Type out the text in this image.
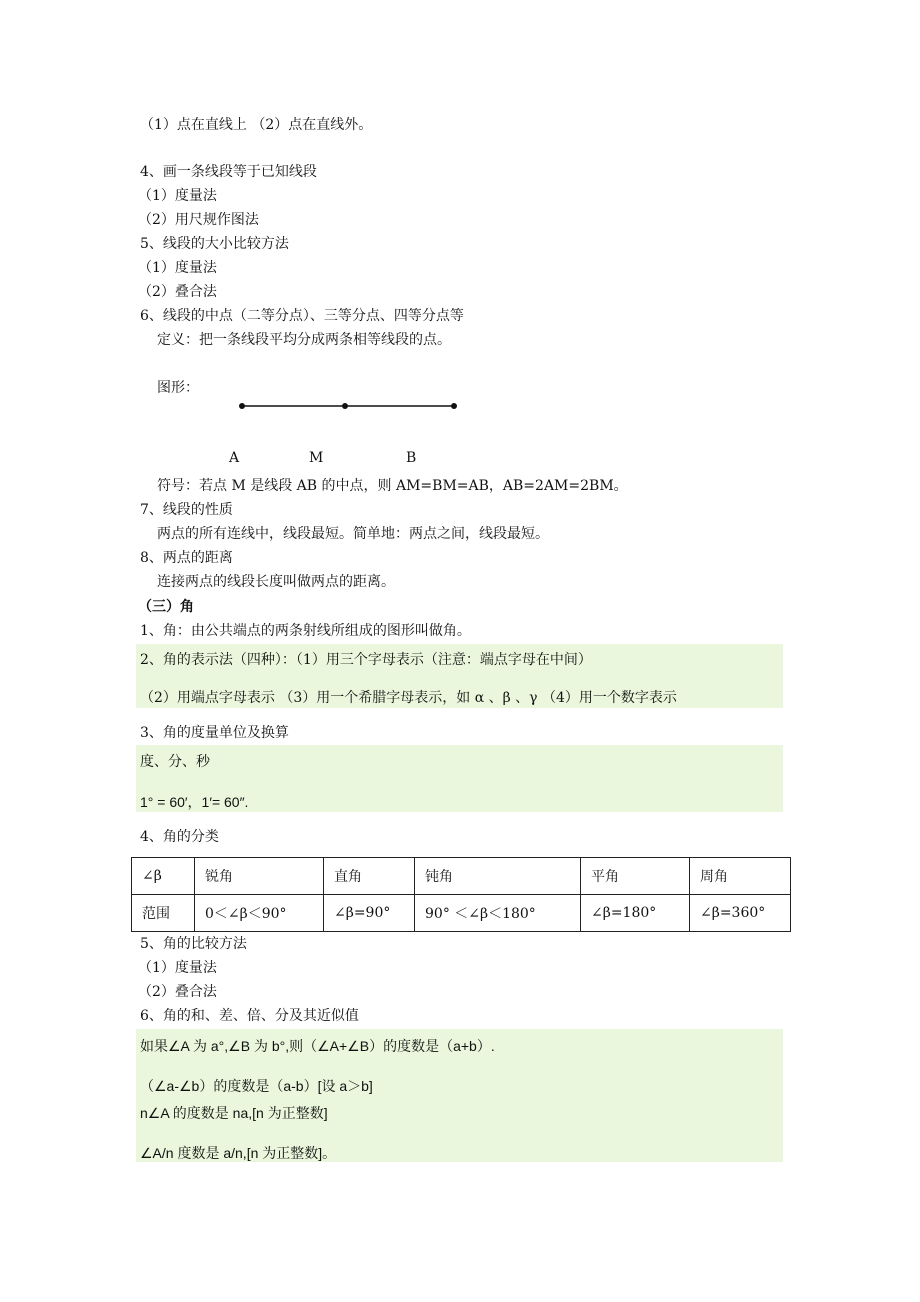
（1）点在直线上 （2）点在直线外。
4、画一条线段等于已知线段
（1）度量法
（2）用尺规作图法
5、线段的大小比较方法
（1）度量法
（2）叠合法
6、线段的中点（二等分点）、三等分点、四等分点等
定义：把一条线段平均分成两条相等线段的点。
图形：
A	M	B
符号：若点 M 是线段 AB 的中点，则 AM=BM=AB，AB=2AM=2BM。
7、线段的性质
两点的所有连线中，线段最短。简单地：两点之间，线段最短。
8、两点的距离
连接两点的线段长度叫做两点的距离。
（三）角
1、角：由公共端点的两条射线所组成的图形叫做角。
2、角的表示法（四种）：（1）用三个字母表示（注意：端点字母在中间）
（2）用端点字母表示 （3）用一个希腊字母表示，如 α 、β 、γ （4）用一个数字表示
3、角的度量单位及换算
度、分、秒
1° = 60′，1′= 60″.
4、角的分类
∠β	锐角	直角	钝角	平角	周角
范围	0＜∠β＜90°	∠β=90°	90° ＜∠β＜180°	∠β=180°	∠β=360°
5、角的比较方法
（1）度量法
（2）叠合法
6、角的和、差、倍、分及其近似值
如果∠A 为 a°,∠B 为 b°,则（∠A+∠B）的度数是（a+b）.
（∠a-∠b）的度数是（a-b）[设 a＞b]
n∠A 的度数是 na,[n 为正整数]
∠A/n 度数是 a/n,[n 为正整数]。
